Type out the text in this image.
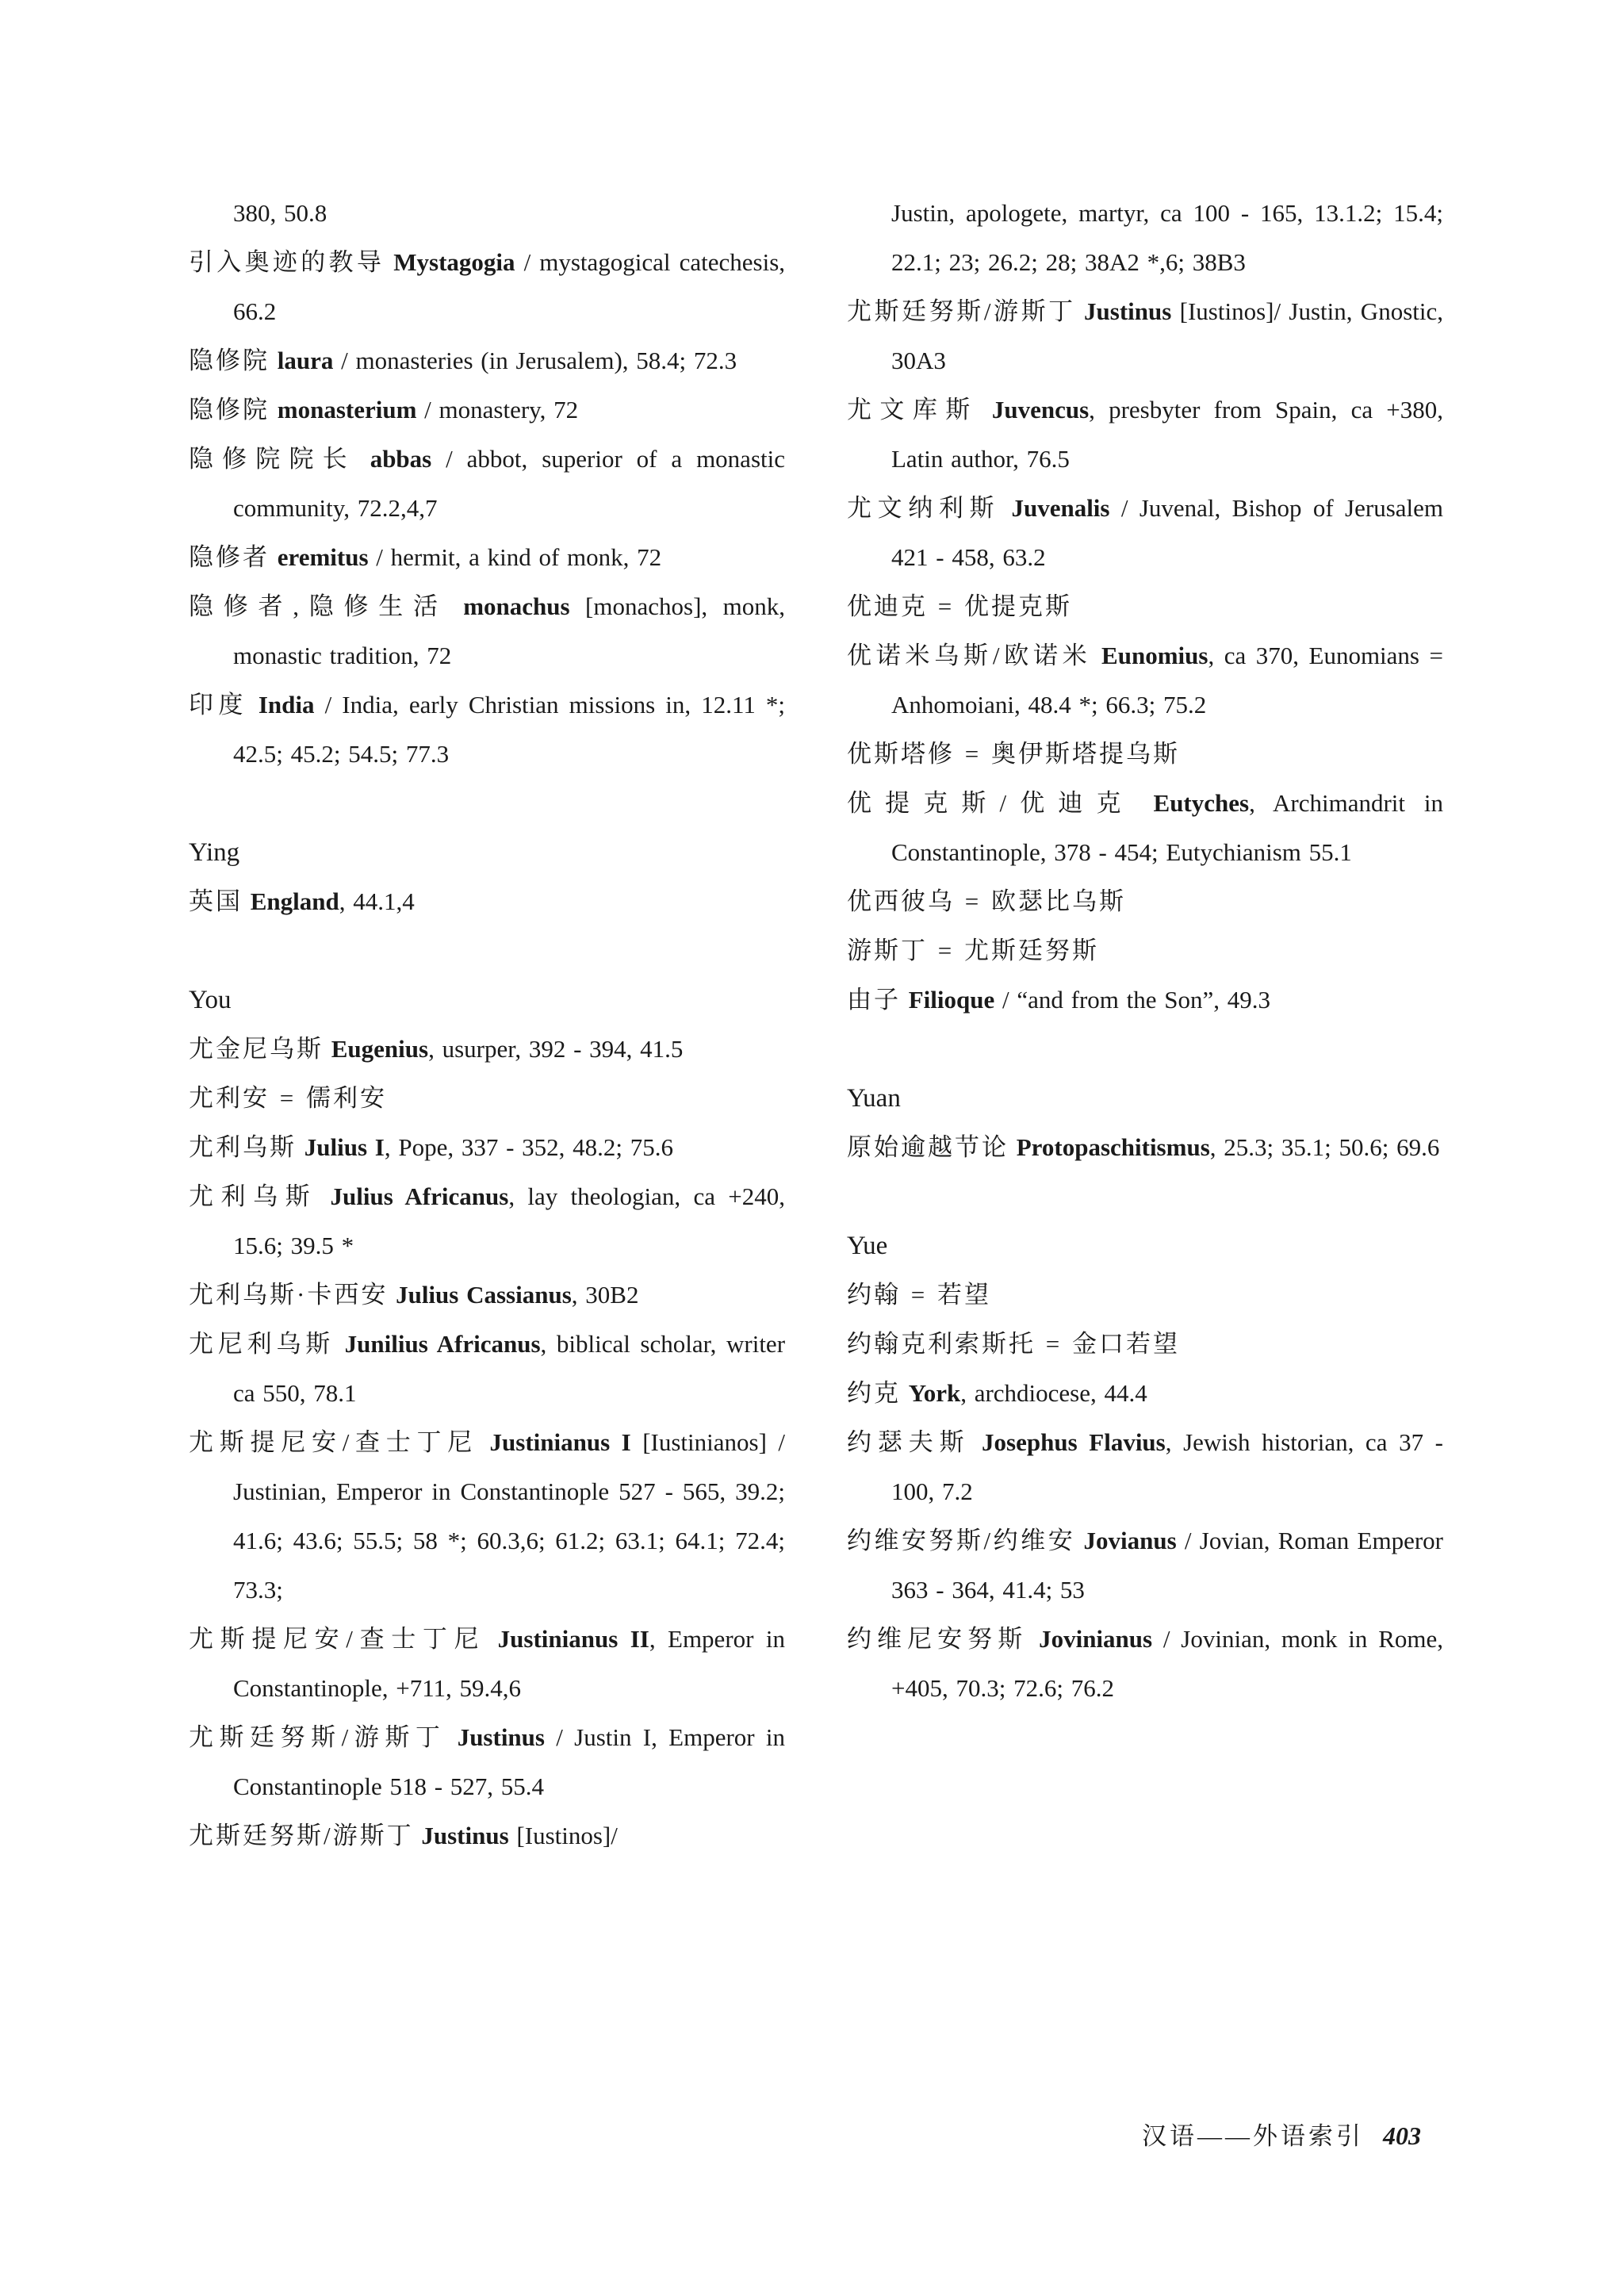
380, 50.8
引入奥迹的教导 Mystagogia / mystagogical catechesis, 66.2
隐修院 laura / monasteries (in Jerusalem), 58.4; 72.3
隐修院 monasterium / monastery, 72
隐修院院长 abbas / abbot, superior of a monastic community, 72.2,4,7
隐修者 eremitus / hermit, a kind of monk, 72
隐修者,隐修生活 monachus [monachos], monk, monastic tradition, 72
印度 India / India, early Christian missions in, 12.11 *; 42.5; 45.2; 54.5; 77.3
Ying
英国 England, 44.1,4
You
尤金尼乌斯 Eugenius, usurper, 392 - 394, 41.5
尤利安 = 儒利安
尤利乌斯 Julius I, Pope, 337 - 352, 48.2; 75.6
尤利乌斯 Julius Africanus, lay theologian, ca +240, 15.6; 39.5 *
尤利乌斯·卡西安 Julius Cassianus, 30B2
尤尼利乌斯 Junilius Africanus, biblical scholar, writer ca 550, 78.1
尤斯提尼安/查士丁尼 Justinianus I [Iustinianos] / Justinian, Emperor in Constantinople 527 - 565, 39.2; 41.6; 43.6; 55.5; 58 *; 60.3,6; 61.2; 63.1; 64.1; 72.4; 73.3;
尤斯提尼安/查士丁尼 Justinianus II, Emperor in Constantinople, +711, 59.4,6
尤斯廷努斯/游斯丁 Justinus / Justin I, Emperor in Constantinople 518 - 527, 55.4
尤斯廷努斯/游斯丁 Justinus [Iustinos]/
Justin, apologete, martyr, ca 100 - 165, 13.1.2; 15.4; 22.1; 23; 26.2; 28; 38A2 *,6; 38B3
尤斯廷努斯/游斯丁 Justinus [Iustinos]/ Justin, Gnostic, 30A3
尤文库斯 Juvencus, presbyter from Spain, ca +380, Latin author, 76.5
尤文纳利斯 Juvenalis / Juvenal, Bishop of Jerusalem 421 - 458, 63.2
优迪克 = 优提克斯
优诺米乌斯/欧诺米 Eunomius, ca 370, Eunomians = Anhomoiani, 48.4 *; 66.3; 75.2
优斯塔修 = 奥伊斯塔提乌斯
优提克斯/优迪克 Eutyches, Archimandrit in Constantinople, 378 - 454; Eutychianism 55.1
优西彼乌 = 欧瑟比乌斯
游斯丁 = 尤斯廷努斯
由子 Filioque / “and from the Son”, 49.3
Yuan
原始逾越节论 Protopaschitismus, 25.3; 35.1; 50.6; 69.6
Yue
约翰 = 若望
约翰克利索斯托 = 金口若望
约克 York, archdiocese, 44.4
约瑟夫斯 Josephus Flavius, Jewish historian, ca 37 - 100, 7.2
约维安努斯/约维安 Jovianus / Jovian, Roman Emperor 363 - 364, 41.4; 53
约维尼安努斯 Jovinianus / Jovinian, monk in Rome, +405, 70.3; 72.6; 76.2
汉语——外语索引 403
